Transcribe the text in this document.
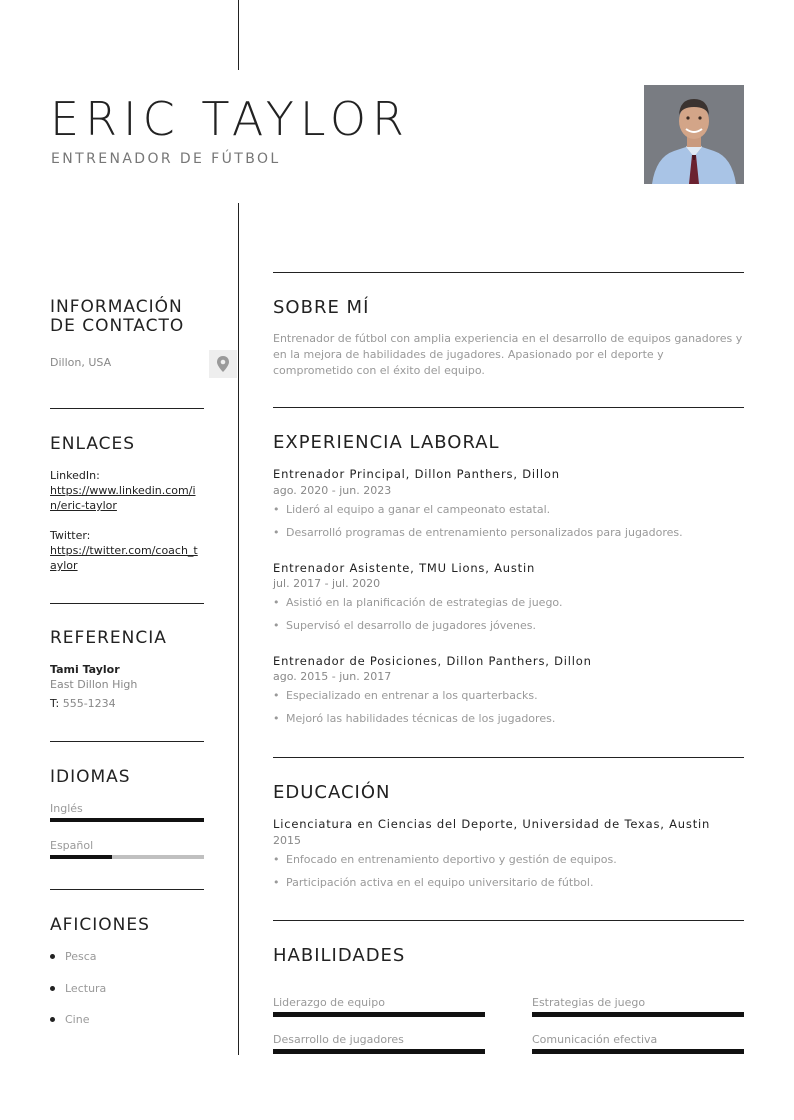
ERIC TAYLOR
ENTRENADOR DE FÚTBOL
INFORMACIÓN
DE CONTACTO
Dillon, USA
ENLACES
LinkedIn:
https://www.linkedin.com/in/eric-taylor
Twitter:
https://twitter.com/coach_taylor
REFERENCIA
Tami Taylor
East Dillon High
T: 555-1234
IDIOMAS
Inglés
Español
AFICIONES
Pesca
Lectura
Cine
SOBRE MÍ
Entrenador de fútbol con amplia experiencia en el desarrollo de equipos ganadores y en la mejora de habilidades de jugadores. Apasionado por el deporte y comprometido con el éxito del equipo.
EXPERIENCIA LABORAL
Entrenador Principal, Dillon Panthers, Dillon
ago. 2020 - jun. 2023
• Lideró al equipo a ganar el campeonato estatal.
• Desarrolló programas de entrenamiento personalizados para jugadores.
Entrenador Asistente, TMU Lions, Austin
jul. 2017 - jul. 2020
• Asistió en la planificación de estrategias de juego.
• Supervisó el desarrollo de jugadores jóvenes.
Entrenador de Posiciones, Dillon Panthers, Dillon
ago. 2015 - jun. 2017
• Especializado en entrenar a los quarterbacks.
• Mejoró las habilidades técnicas de los jugadores.
EDUCACIÓN
Licenciatura en Ciencias del Deporte, Universidad de Texas, Austin
2015
• Enfocado en entrenamiento deportivo y gestión de equipos.
• Participación activa en el equipo universitario de fútbol.
HABILIDADES
Liderazgo de equipo	Estrategias de juego
Desarrollo de jugadores	Comunicación efectiva
